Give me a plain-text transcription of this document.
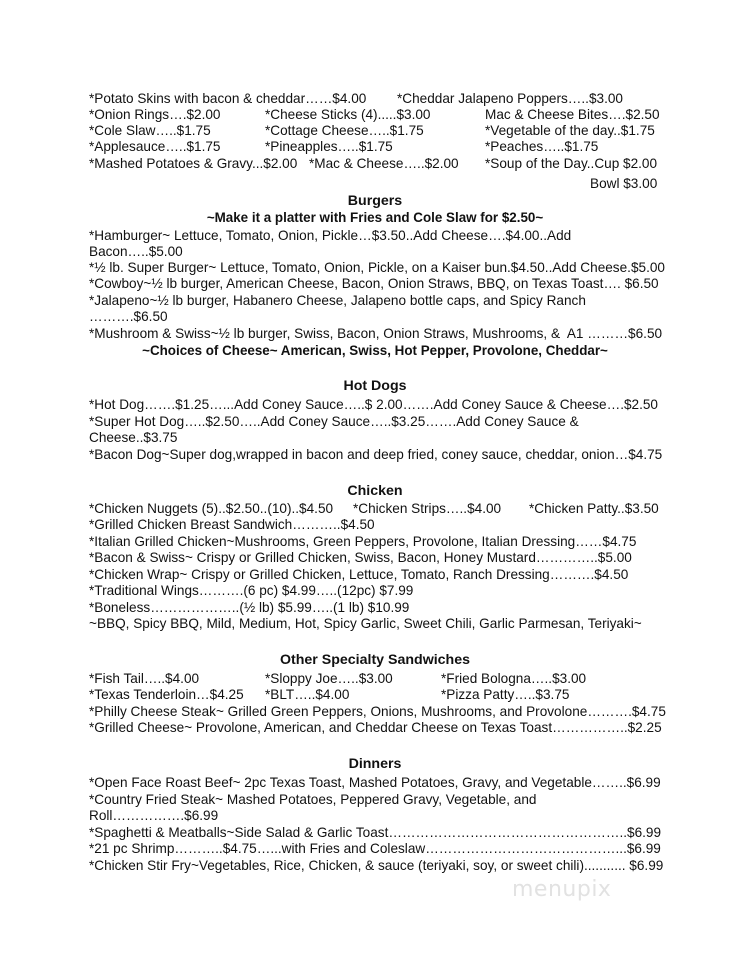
*Potato Skins with bacon & cheddar……$4.00 *Cheddar Jalapeno Poppers…..$3.00
*Onion Rings….$2.00	*Cheese Sticks (4).....$3.00	Mac & Cheese Bites….$2.50
*Cole Slaw…..$1.75	*Cottage Cheese…..$1.75	*Vegetable of the day..$1.75
*Applesauce…..$1.75	*Pineapples…..$1.75	*Peaches…..$1.75
*Mashed Potatoes & Gravy...$2.00 *Mac & Cheese…..$2.00 *Soup of the Day..Cup $2.00
Bowl $3.00
Burgers
~Make it a platter with Fries and Cole Slaw for $2.50~
*Hamburger~ Lettuce, Tomato, Onion, Pickle…$3.50..Add Cheese….$4.00..Add
Bacon…..$5.00
*½ lb. Super Burger~ Lettuce, Tomato, Onion, Pickle, on a Kaiser bun.$4.50..Add Cheese.$5.00
*Cowboy~½ lb burger, American Cheese, Bacon, Onion Straws, BBQ, on Texas Toast…. $6.50
*Jalapeno~½ lb burger, Habanero Cheese, Jalapeno bottle caps, and Spicy Ranch
……….$6.50
*Mushroom & Swiss~½ lb burger, Swiss, Bacon, Onion Straws, Mushrooms, &  A1 ………$6.50
~Choices of Cheese~ American, Swiss, Hot Pepper, Provolone, Cheddar~
Hot Dogs
*Hot Dog…….$1.25…...Add Coney Sauce…..$ 2.00…….Add Coney Sauce & Cheese….$2.50
*Super Hot Dog…..$2.50…..Add Coney Sauce…..$3.25…….Add Coney Sauce &
Cheese..$3.75
*Bacon Dog~Super dog,wrapped in bacon and deep fried, coney sauce, cheddar, onion…$4.75
Chicken
*Chicken Nuggets (5)..$2.50..(10)..$4.50 *Chicken Strips…..$4.00 *Chicken Patty..$3.50
*Grilled Chicken Breast Sandwich………..$4.50
*Italian Grilled Chicken~Mushrooms, Green Peppers, Provolone, Italian Dressing……$4.75
*Bacon & Swiss~ Crispy or Grilled Chicken, Swiss, Bacon, Honey Mustard…………..$5.00
*Chicken Wrap~ Crispy or Grilled Chicken, Lettuce, Tomato, Ranch Dressing……….$4.50
*Traditional Wings……….(6 pc) $4.99…..(12pc) $7.99
*Boneless………………..(½ lb) $5.99…..(1 lb) $10.99
~BBQ, Spicy BBQ, Mild, Medium, Hot, Spicy Garlic, Sweet Chili, Garlic Parmesan, Teriyaki~
Other Specialty Sandwiches
*Fish Tail…..$4.00	*Sloppy Joe…..$3.00	*Fried Bologna…..$3.00
*Texas Tenderloin…$4.25 *BLT…..$4.00	*Pizza Patty…..$3.75
*Philly Cheese Steak~ Grilled Green Peppers, Onions, Mushrooms, and Provolone……….$4.75
*Grilled Cheese~ Provolone, American, and Cheddar Cheese on Texas Toast……………..$2.25
Dinners
*Open Face Roast Beef~ 2pc Texas Toast, Mashed Potatoes, Gravy, and Vegetable……..$6.99
*Country Fried Steak~ Mashed Potatoes, Peppered Gravy, Vegetable, and
Roll…………….$6.99
*Spaghetti & Meatballs~Side Salad & Garlic Toast……………………………………………..$6.99
*21 pc Shrimp………..$4.75…...with Fries and Coleslaw……………………………………...$6.99
*Chicken Stir Fry~Vegetables, Rice, Chicken, & sauce (teriyaki, soy, or sweet chili)........... $6.99
menupix
